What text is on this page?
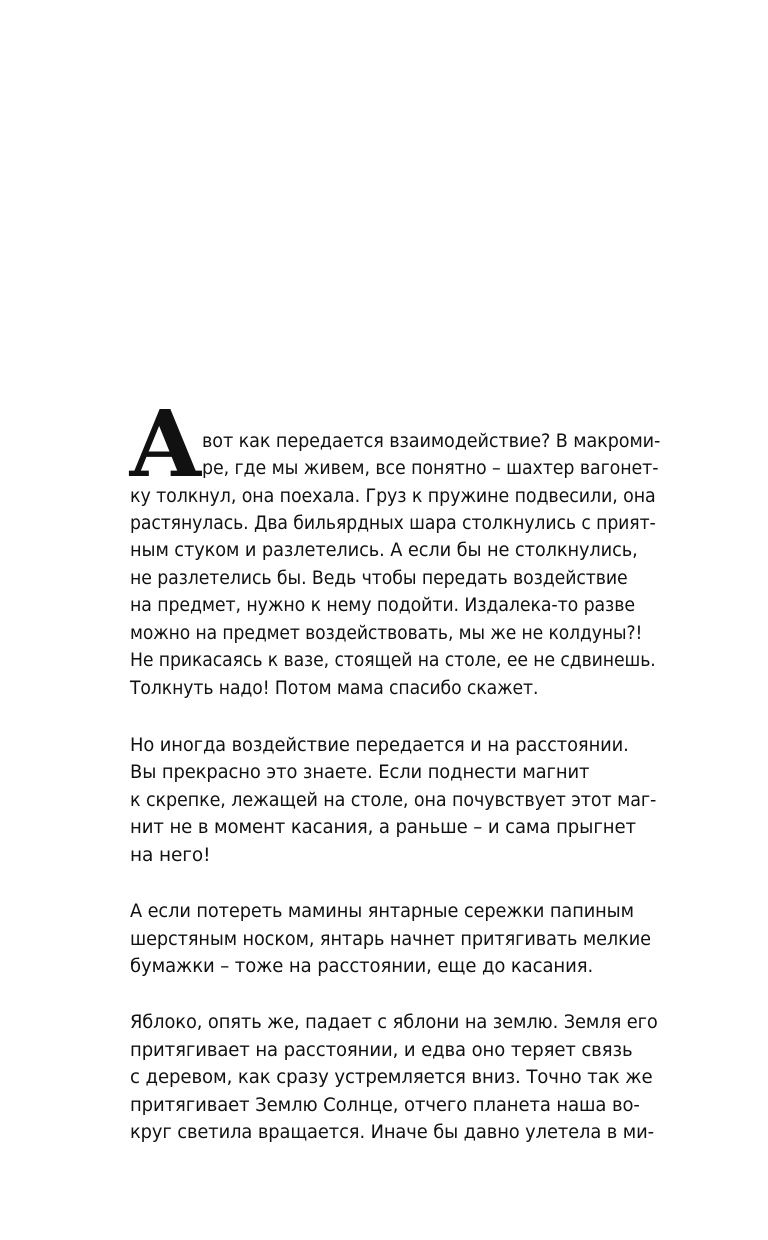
А вот как передается взаимодействие? В макроми-
ре, где мы живем, все понятно – шахтер вагонет-
ку толкнул, она поехала. Груз к пружине подвесили, она
растянулась. Два бильярдных шара столкнулись с прият-
ным стуком и разлетелись. А если бы не столкнулись,
не разлетелись бы. Ведь чтобы передать воздействие
на предмет, нужно к нему подойти. Издалека-то разве
можно на предмет воздействовать, мы же не колдуны?!
Не прикасаясь к вазе, стоящей на столе, ее не сдвинешь.
Толкнуть надо! Потом мама спасибо скажет.
Но иногда воздействие передается и на расстоянии.
Вы прекрасно это знаете. Если поднести магнит
к скрепке, лежащей на столе, она почувствует этот маг-
нит не в момент касания, а раньше – и сама прыгнет
на него!
А если потереть мамины янтарные сережки папиным
шерстяным носком, янтарь начнет притягивать мелкие
бумажки – тоже на расстоянии, еще до касания.
Яблоко, опять же, падает с яблони на землю. Земля его
притягивает на расстоянии, и едва оно теряет связь
с деревом, как сразу устремляется вниз. Точно так же
притягивает Землю Солнце, отчего планета наша во-
круг светила вращается. Иначе бы давно улетела в ми-
